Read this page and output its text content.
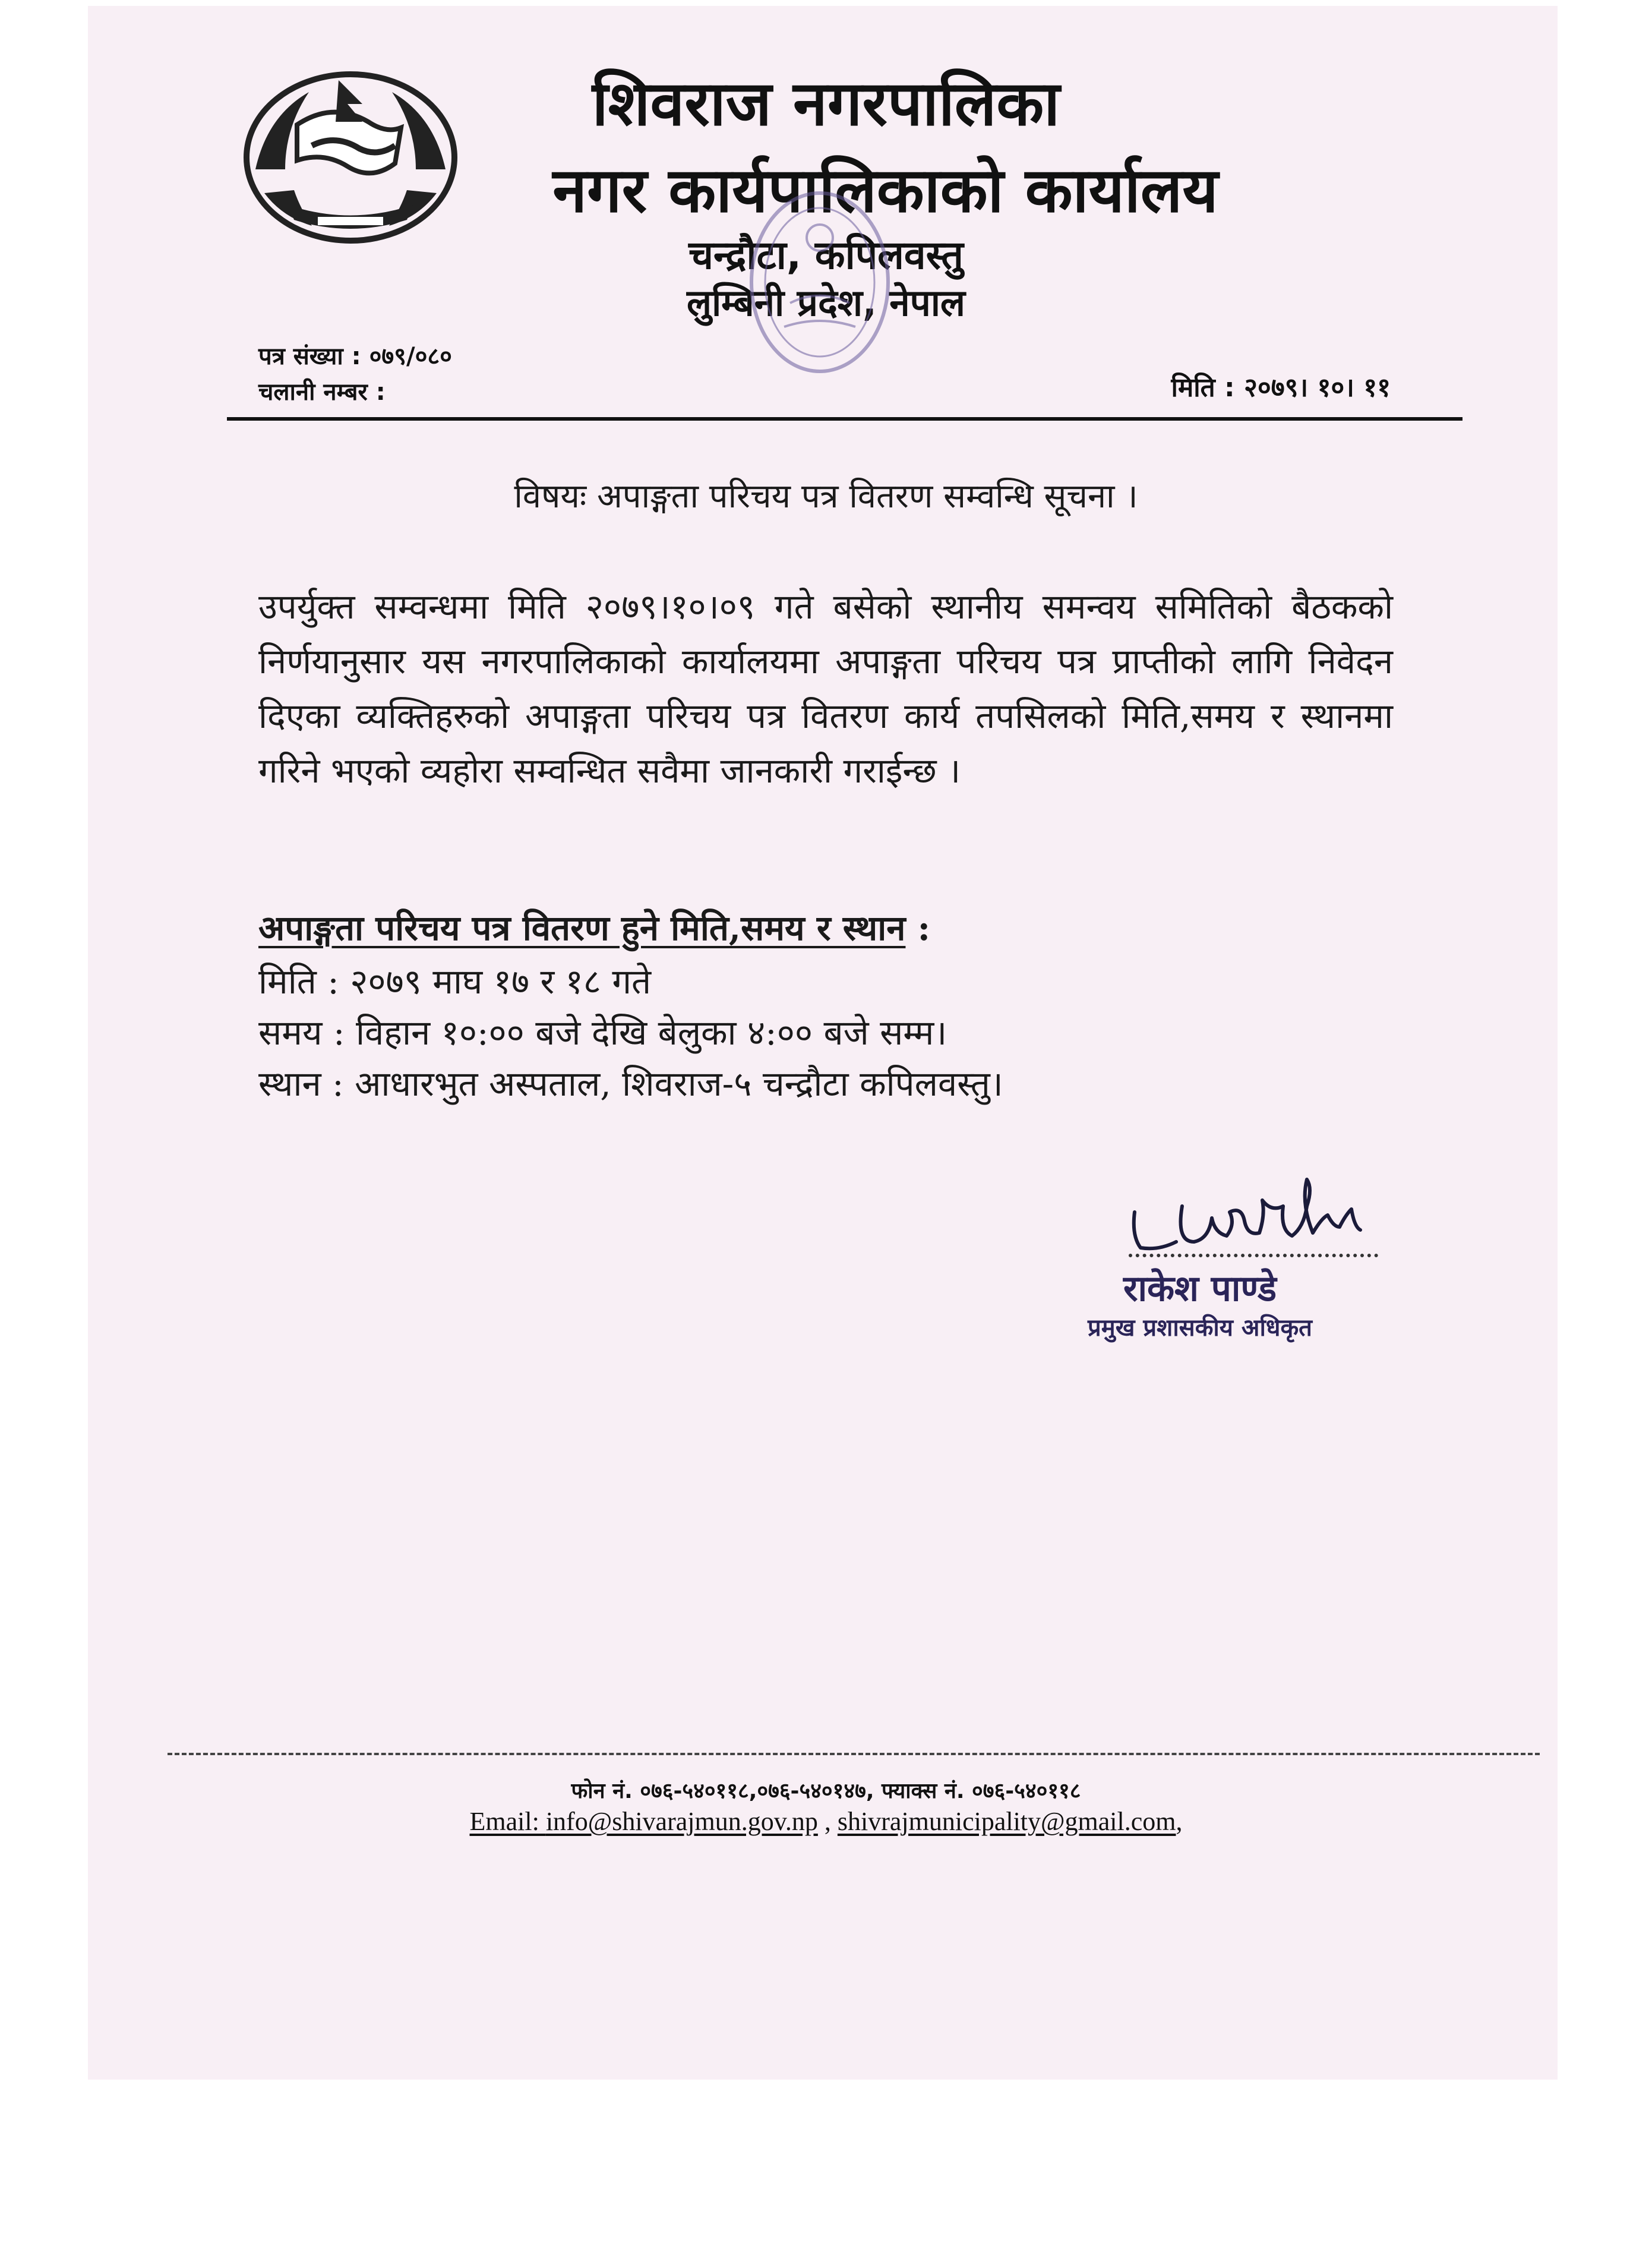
शिवराज नगरपालिका
नगर कार्यपालिकाको कार्यालय
चन्द्रौटा, कपिलवस्तु
लुम्बिनी प्रदेश, नेपाल
पत्र संख्या : ०७९/०८०
चलानी नम्बर :	मिति : २०७९। १०। ११
विषयः अपाङ्गता परिचय पत्र वितरण सम्वन्धि सूचना ।
उपर्युक्त सम्वन्धमा मिति २०७९।१०।०९ गते बसेको स्थानीय समन्वय समितिको बैठकको निर्णयानुसार यस नगरपालिकाको कार्यालयमा अपाङ्गता परिचय पत्र प्राप्तीको लागि निवेदन दिएका व्यक्तिहरुको अपाङ्गता परिचय पत्र वितरण कार्य तपसिलको मिति,समय र स्थानमा गरिने भएको व्यहोरा सम्वन्धित सवैमा जानकारी गराईन्छ ।
अपाङ्गता परिचय पत्र वितरण हुने मिति,समय र स्थान :
मिति : २०७९ माघ १७ र १८ गते
समय : विहान १०:०० बजे देखि बेलुका ४:०० बजे सम्म।
स्थान : आधारभुत अस्पताल, शिवराज-५ चन्द्रौटा कपिलवस्तु।
राकेश पाण्डे
प्रमुख प्रशासकीय अधिकृत
फोन नं. ०७६-५४०११८,०७६-५४०१४७, फ्याक्स नं. ०७६-५४०११८
Email: info@shivarajmun.gov.np , shivrajmunicipality@gmail.com,
